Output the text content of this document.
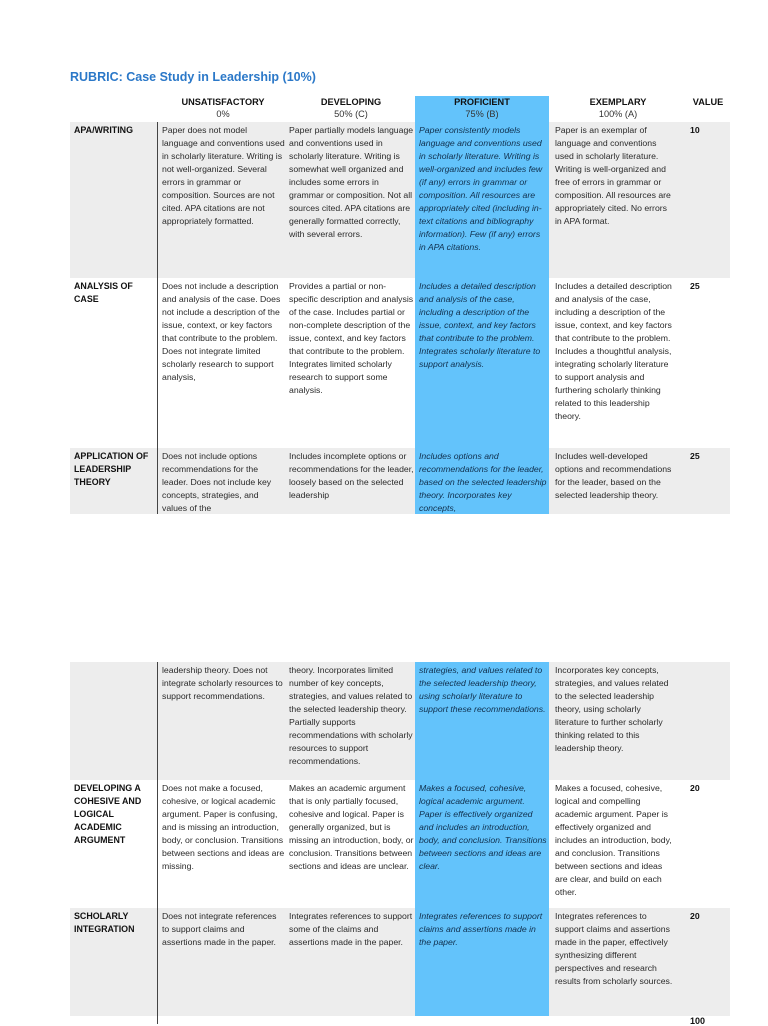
RUBRIC: Case Study in Leadership (10%)
UNSATISFACTORY
0%
DEVELOPING
50% (C)
PROFICIENT
75% (B)
EXEMPLARY
100% (A)
VALUE
APA/WRITING	Paper does not model language and conventions used in scholarly literature. Writing is not well-organized. Several errors in grammar or composition. Sources are not cited. APA citations are not appropriately formatted.
Paper partially models language and conventions used in scholarly literature. Writing is somewhat well organized and includes some errors in grammar or composition. Not all sources cited. APA citations are generally formatted correctly, with several errors.
Paper consistently models language and conventions used in scholarly literature. Writing is well-organized and includes few (if any) errors in grammar or composition. All resources are appropriately cited (including in-text citations and bibliography information). Few (if any) errors in APA citations.
Paper is an exemplar of language and conventions used in scholarly literature. Writing is well-organized and free of errors in grammar or composition. All resources are appropriately cited. No errors in APA format.
10
ANALYSIS OF CASE
Does not include a description and analysis of the case. Does not include a description of the issue, context, or key factors that contribute to the problem. Does not integrate limited scholarly research to support analysis,
Provides a partial or non-specific description and analysis of the case. Includes partial or non-complete description of the issue, context, and key factors that contribute to the problem. Integrates limited scholarly research to support some analysis.
Includes a detailed description and analysis of the case, including a description of the issue, context, and key factors that contribute to the problem. Integrates scholarly literature to support analysis.
Includes a detailed description and analysis of the case, including a description of the issue, context, and key factors that contribute to the problem. Includes a thoughtful analysis, integrating scholarly literature to support analysis and furthering scholarly thinking related to this leadership theory.
25
APPLICATION OF LEADERSHIP THEORY
Does not include options recommendations for the leader. Does not include key concepts, strategies, and values of the
Includes incomplete options or recommendations for the leader, loosely based on the selected leadership
Includes options and recommendations for the leader, based on the selected leadership theory. Incorporates key concepts,
Includes well-developed options and recommendations for the leader, based on the selected leadership theory.
25
leadership theory. Does not integrate scholarly resources to support recommendations.
theory. Incorporates limited number of key concepts, strategies, and values related to the selected leadership theory. Partially supports recommendations with scholarly resources to support recommendations.
strategies, and values related to the selected leadership theory, using scholarly literature to support these recommendations.
Incorporates key concepts, strategies, and values related to the selected leadership theory, using scholarly literature to further scholarly thinking related to this leadership theory.
DEVELOPING A COHESIVE AND LOGICAL ACADEMIC ARGUMENT
Does not make a focused, cohesive, or logical academic argument. Paper is confusing, and is missing an introduction, body, or conclusion. Transitions between sections and ideas are missing.
Makes an academic argument that is only partially focused, cohesive and logical. Paper is generally organized, but is missing an introduction, body, or conclusion. Transitions between sections and ideas are unclear.
Makes a focused, cohesive, logical academic argument. Paper is effectively organized and includes an introduction, body, and conclusion. Transitions between sections and ideas are clear.
Makes a focused, cohesive, logical and compelling academic argument. Paper is effectively organized and includes an introduction, body, and conclusion. Transitions between sections and ideas are clear, and build on each other.
20
SCHOLARLY INTEGRATION
Does not integrate references to support claims and assertions made in the paper.
Integrates references to support some of the claims and assertions made in the paper.
Integrates references to support claims and assertions made in the paper.
Integrates references to support claims and assertions made in the paper, effectively synthesizing different perspectives and research results from scholarly sources.
20
100
